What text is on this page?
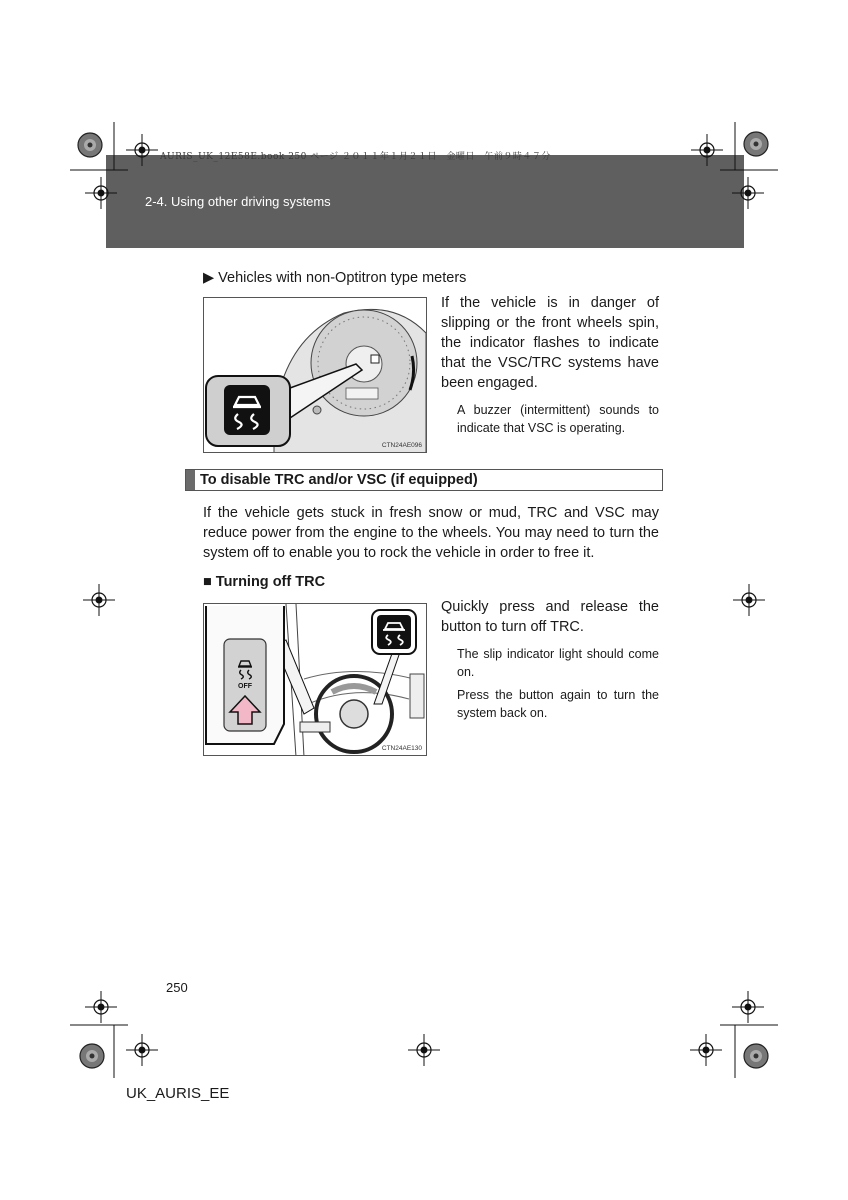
AURIS_UK_12E58E.book 250 ページ ２０１１年１月２１日　金曜日　午前９時４７分
2-4. Using other driving systems
▶ Vehicles with non-Optitron type meters
CTN24AE096
If the vehicle is in danger of slipping or the front wheels spin, the indicator flashes to indicate that the VSC/TRC systems have been engaged.
A buzzer (intermittent) sounds to indicate that VSC is operating.
To disable TRC and/or VSC (if equipped)
If the vehicle gets stuck in fresh snow or mud, TRC and VSC may reduce power from the engine to the wheels. You may need to turn the system off to enable you to rock the vehicle in order to free it.
■ Turning off TRC
OFF
CTN24AE130
Quickly press and release the button to turn off TRC.
The slip indicator light should come on.
Press the button again to turn the system back on.
250
UK_AURIS_EE
